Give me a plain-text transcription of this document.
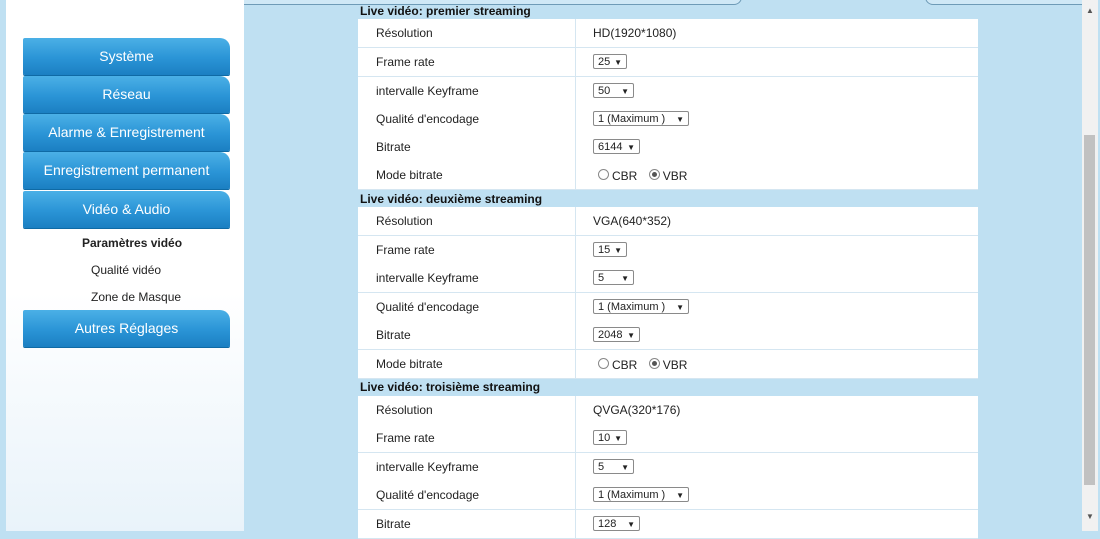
Système
Réseau
Alarme & Enregistrement
Enregistrement permanent
Vidéo & Audio
Paramètres vidéo
Qualité vidéo
Zone de Masque
Autres Réglages
Live vidéo: premier streaming
Résolution	HD(1920*1080)
Frame rate	25 ▼
intervalle Keyframe	50 ▼
Qualité d'encodage	1 (Maximum ) ▼
Bitrate	6144 ▼
Mode bitrate	CBR VBR
Live vidéo: deuxième streaming
Résolution	VGA(640*352)
Frame rate	15 ▼
intervalle Keyframe	5 ▼
Qualité d'encodage	1 (Maximum ) ▼
Bitrate	2048 ▼
Mode bitrate	CBR VBR
Live vidéo: troisième streaming
Résolution	QVGA(320*176)
Frame rate	10 ▼
intervalle Keyframe	5 ▼
Qualité d'encodage	1 (Maximum ) ▼
Bitrate	128 ▼
▲
▼
